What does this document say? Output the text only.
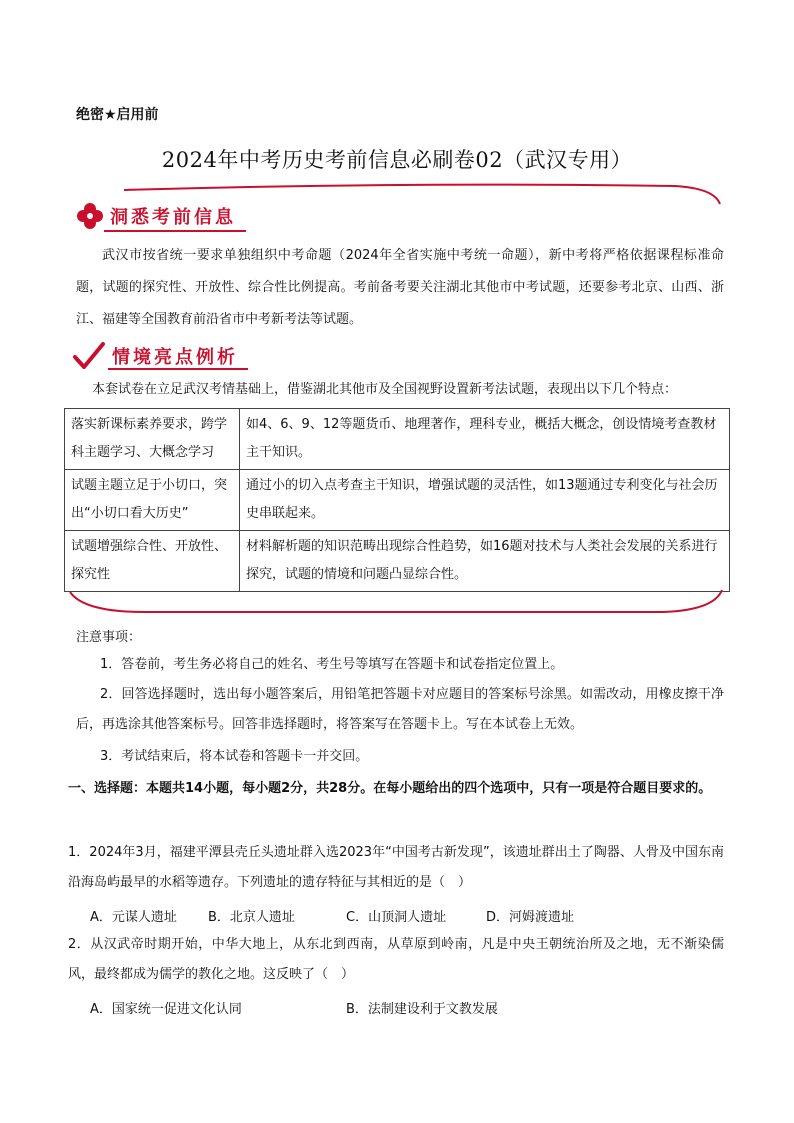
绝密★启用前
2024年中考历史考前信息必刷卷02（武汉专用）
洞悉考前信息
武汉市按省统一要求单独组织中考命题（2024年全省实施中考统一命题），新中考将严格依据课程标准命题，试题的探究性、开放性、综合性比例提高。考前备考要关注湖北其他市中考试题，还要参考北京、山西、浙江、福建等全国教育前沿省市中考新考法等试题。
情境亮点例析
本套试卷在立足武汉考情基础上，借鉴湖北其他市及全国视野设置新考法试题，表现出以下几个特点：
落实新课标素养要求，跨学科主题学习、大概念学习	如4、6、9、12等题货币、地理著作，理科专业，概括大概念，创设情境考查教材主干知识。
试题主题立足于小切口，突出“小切口看大历史”	通过小的切入点考查主干知识，增强试题的灵活性，如13题通过专利变化与社会历史串联起来。
试题增强综合性、开放性、探究性	材料解析题的知识范畴出现综合性趋势，如16题对技术与人类社会发展的关系进行探究，试题的情境和问题凸显综合性。
注意事项：
1．答卷前，考生务必将自己的姓名、考生号等填写在答题卡和试卷指定位置上。
2．回答选择题时，选出每小题答案后，用铅笔把答题卡对应题目的答案标号涂黑。如需改动，用橡皮擦干净后，再选涂其他答案标号。回答非选择题时，将答案写在答题卡上。写在本试卷上无效。
3．考试结束后，将本试卷和答题卡一并交回。
一、选择题：本题共14小题，每小题2分，共28分。在每小题给出的四个选项中，只有一项是符合题目要求的。
1．2024年3月，福建平潭县壳丘头遗址群入选2023年“中国考古新发现”，该遗址群出土了陶器、人骨及中国东南沿海岛屿最早的水稻等遗存。下列遗址的遗存特征与其相近的是（　）
A．元谋人遗址 B．北京人遗址	C．山顶洞人遗址	D．河姆渡遗址
2．从汉武帝时期开始，中华大地上，从东北到西南，从草原到岭南，凡是中央王朝统治所及之地，无不渐染儒风，最终都成为儒学的教化之地。这反映了（　）
A．国家统一促进文化认同	B．法制建设利于文教发展
